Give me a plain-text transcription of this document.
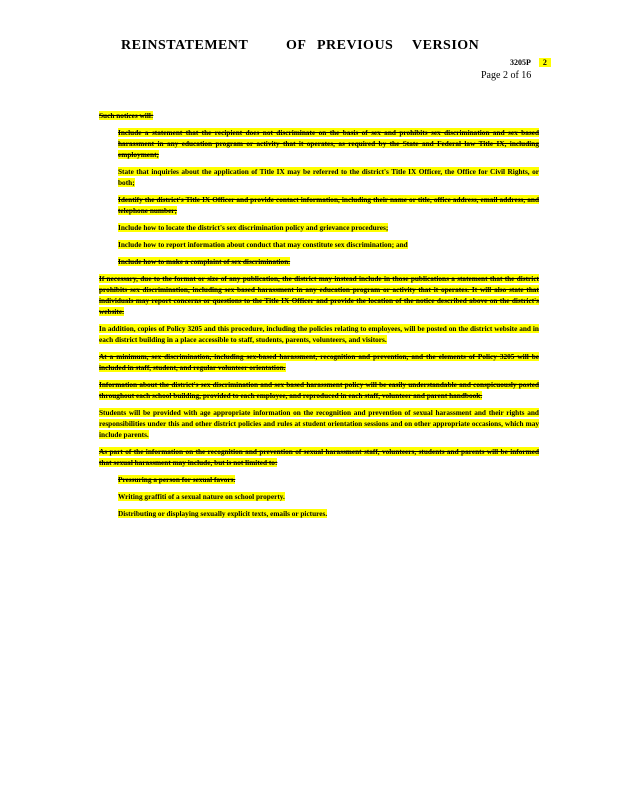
REINSTATEMENT	OF PREVIOUS VERSION
3205P 2
Page 2 of 16
Such notices will:
Include a statement that the recipient does not discriminate on the basis of sex and prohibits sex discrimination and sex based harassment in any education program or activity that it operates, as required by the State and Federal law Title IX, including employment;
State that inquiries about the application of Title IX may be referred to the district's Title IX Officer, the Office for Civil Rights, or both;
Identify the district's Title IX Officer and provide contact information, including their name or title, office address, email address, and telephone number;
Include how to locate the district's sex discrimination policy and grievance procedures;
Include how to report information about conduct that may constitute sex discrimination; and
Include how to make a complaint of sex discrimination.
If necessary, due to the format or size of any publication, the district may instead include in those publications a statement that the district prohibits sex discrimination, including sex based harassment in any education program or activity that it operates. It will also state that individuals may report concerns or questions to the Title IX Officer and provide the location of the notice described above on the district's website.
In addition, copies of Policy 3205 and this procedure, including the policies relating to employees, will be posted on the district website and in each district building in a place accessible to staff, students, parents, volunteers, and visitors.
At a minimum, sex discrimination, including sex-based harassment, recognition and prevention, and the elements of Policy 3205 will be included in staff, student, and regular volunteer orientation.
Information about the district's sex discrimination and sex based harassment policy will be easily understandable and conspicuously posted throughout each school building, provided to each employee, and reproduced in each staff, volunteer and parent handbook.
Students will be provided with age appropriate information on the recognition and prevention of sexual harassment and their rights and responsibilities under this and other district policies and rules at student orientation sessions and on other appropriate occasions, which may include parents.
As part of the information on the recognition and prevention of sexual harassment staff, volunteers, students and parents will be informed that sexual harassment may include, but is not limited to:
Pressuring a person for sexual favors.
Writing graffiti of a sexual nature on school property.
Distributing or displaying sexually explicit texts, emails or pictures.
